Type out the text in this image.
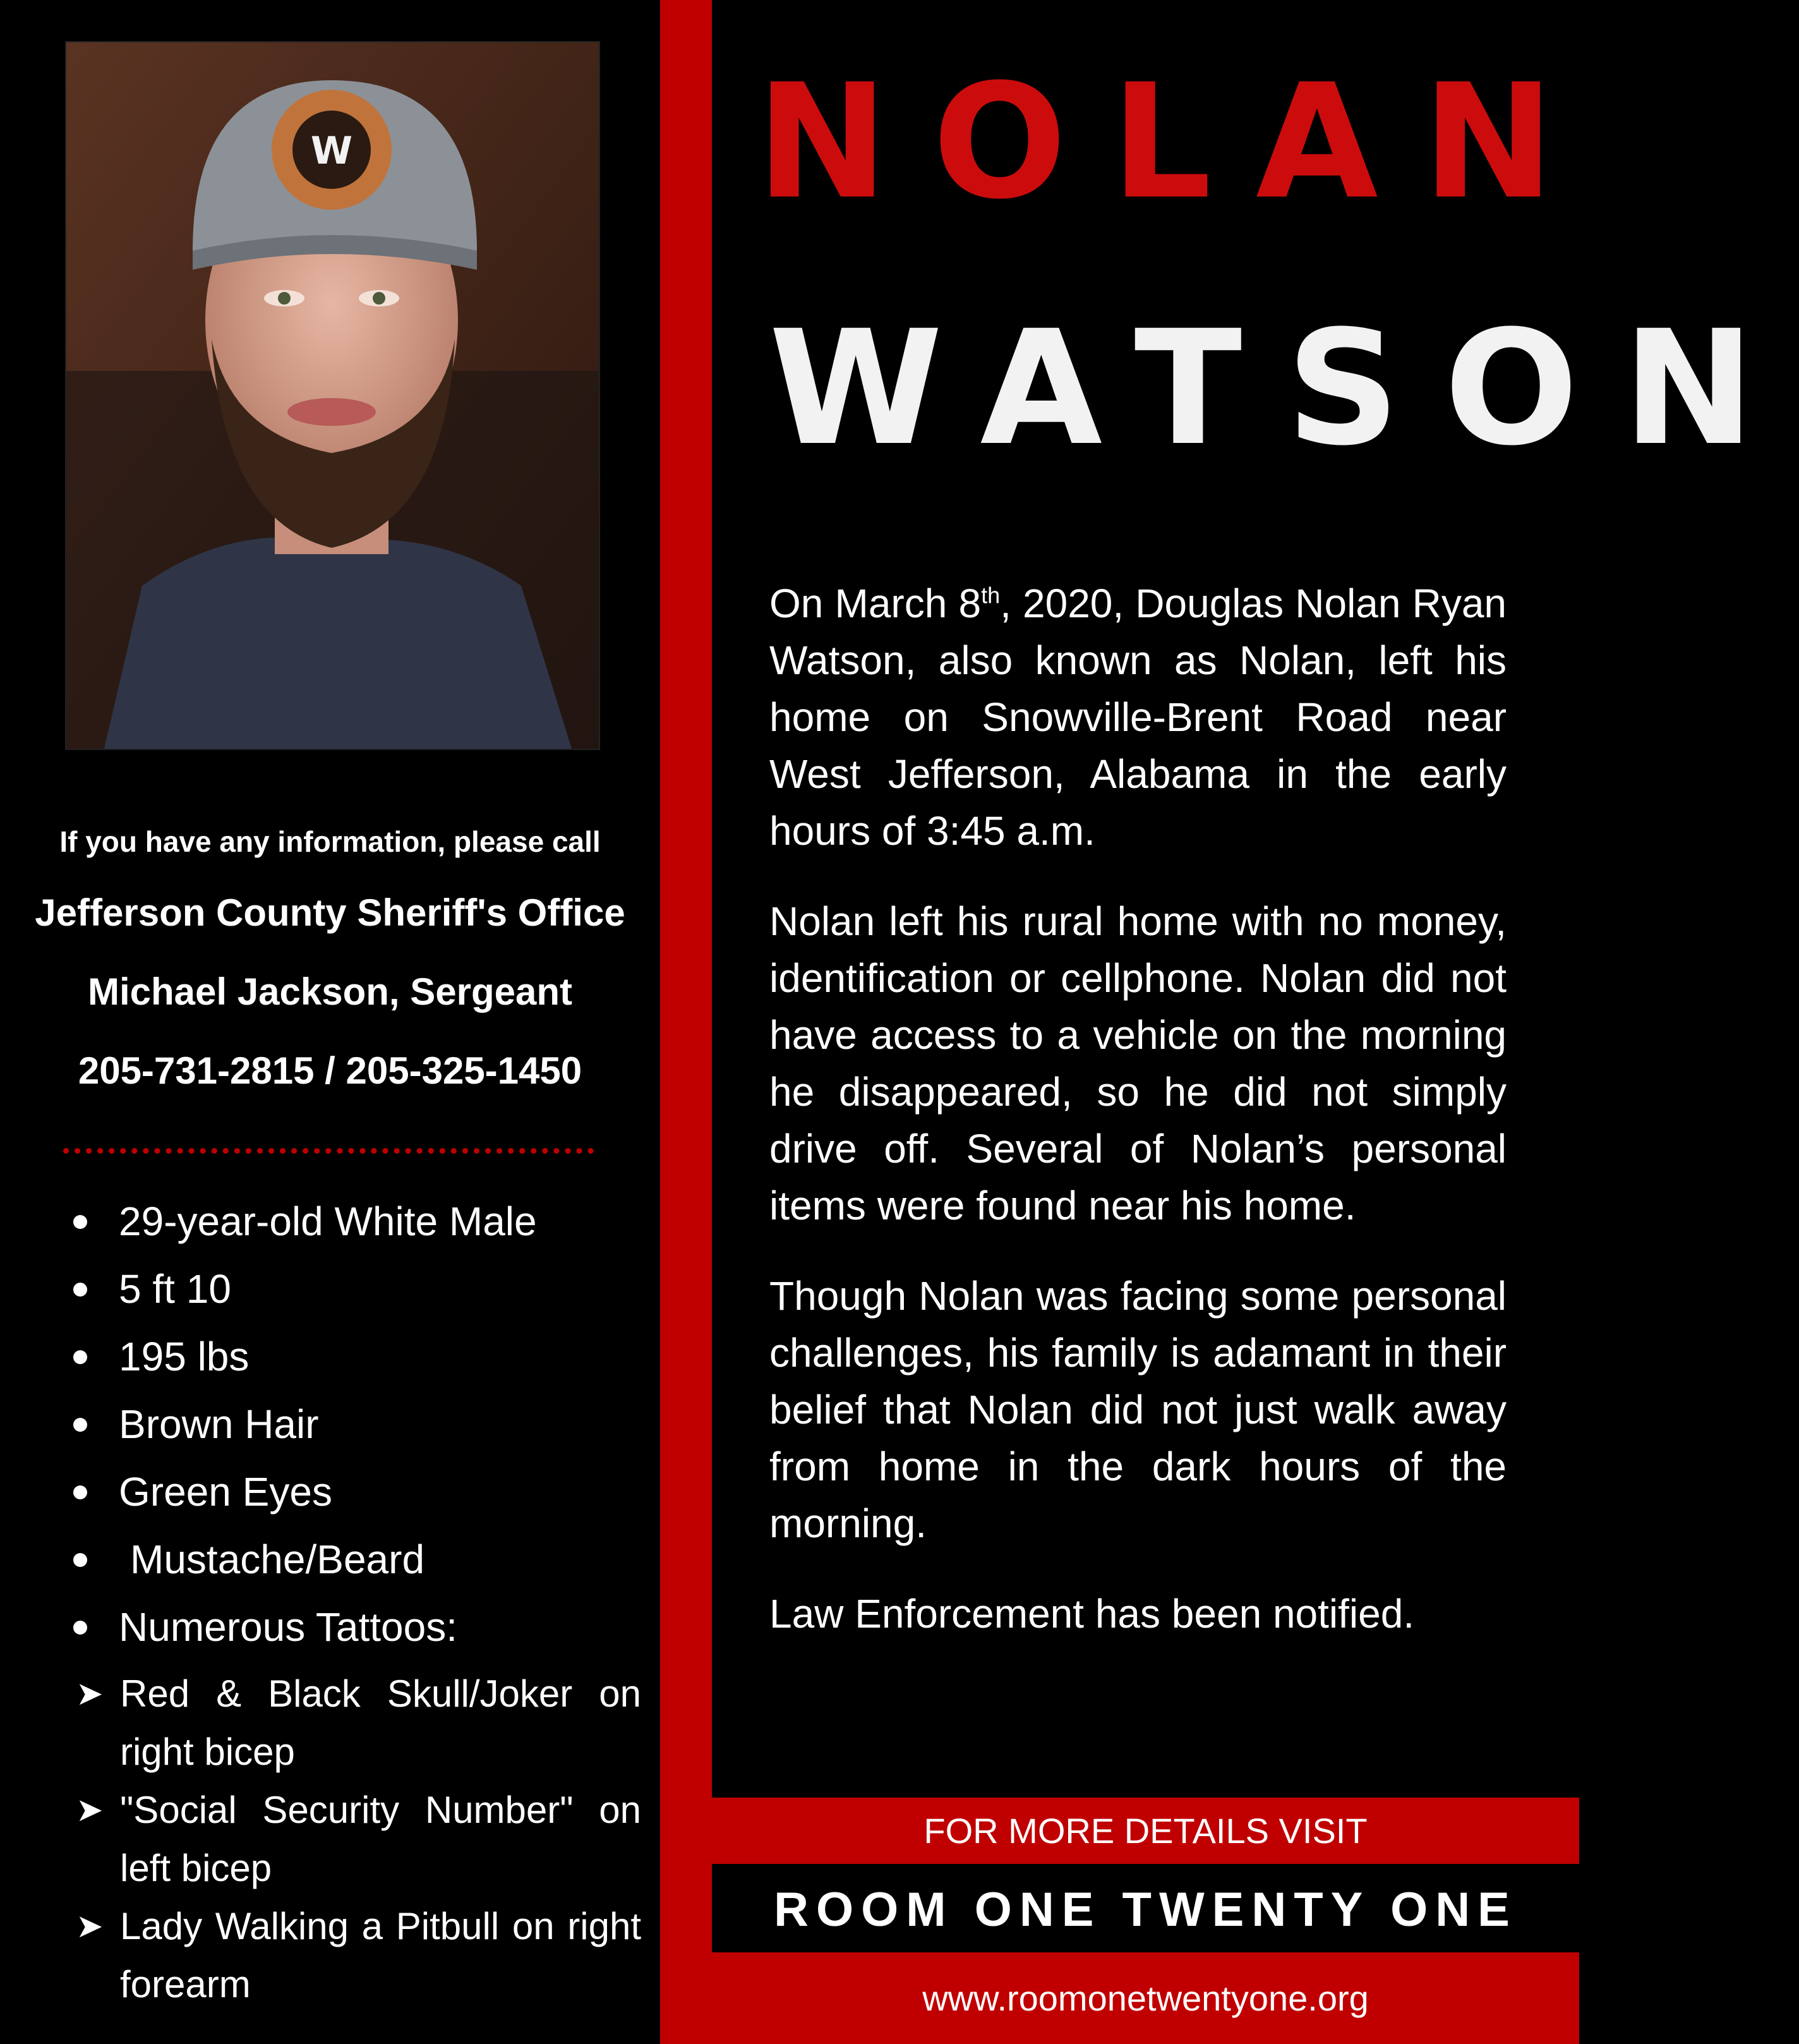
W
If you have any information, please call
Jefferson County Sheriff's Office
Michael Jackson, Sergeant
205-731-2815 / 205-325-1450
29-year-old White Male
5 ft 10
195 lbs
Brown Hair
Green Eyes
Mustache/Beard
Numerous Tattoos:
➤ Red & Black Skull/Joker on right bicep
➤ "Social Security Number" on left bicep
➤ Lady Walking a Pitbull on right forearm
NOLAN
WATSON

On March 8th, 2020, Douglas Nolan Ryan Watson, also known as Nolan, left his home on Snowville-Brent Road near West Jefferson, Alabama in the early hours of 3:45 a.m.

Nolan left his rural home with no money, identification or cellphone. Nolan did not have access to a vehicle on the morning he disappeared, so he did not simply drive off. Several of Nolan’s personal items were found near his home.

Though Nolan was facing some personal challenges, his family is adamant in their belief that Nolan did not just walk away from home in the dark hours of the morning.

Law Enforcement has been notified.

FOR MORE DETAILS VISIT
ROOM ONE TWENTY ONE
www.roomonetwentyone.org
